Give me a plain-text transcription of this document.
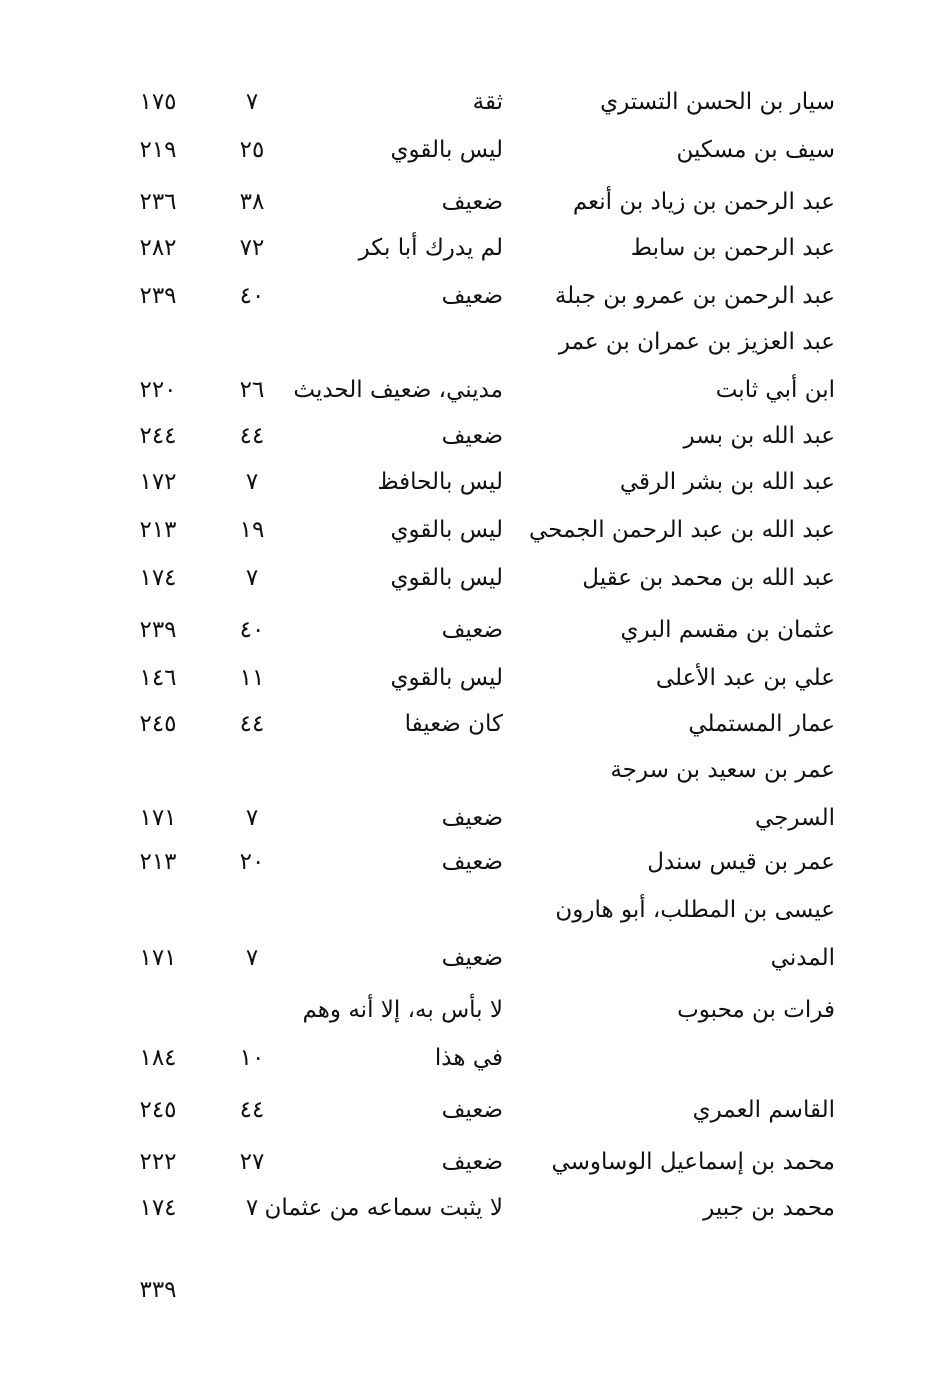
سيار بن الحسن التستري
ثقة
٧
١٧٥
سيف بن مسكين
ليس بالقوي
٢٥
٢١٩
عبد الرحمن بن زياد بن أنعم
ضعيف
٣٨
٢٣٦
عبد الرحمن بن سابط
لم يدرك أبا بكر
٧٢
٢٨٢
عبد الرحمن بن عمرو بن جبلة
ضعيف
٤٠
٢٣٩
عبد العزيز بن عمران بن عمر
ابن أبي ثابت
مديني، ضعيف الحديث
٢٦
٢٢٠
عبد الله بن بسر
ضعيف
٤٤
٢٤٤
عبد الله بن بشر الرقي
ليس بالحافظ
٧
١٧٢
عبد الله بن عبد الرحمن الجمحي
ليس بالقوي
١٩
٢١٣
عبد الله بن محمد بن عقيل
ليس بالقوي
٧
١٧٤
عثمان بن مقسم البري
ضعيف
٤٠
٢٣٩
علي بن عبد الأعلى
ليس بالقوي
١١
١٤٦
عمار المستملي
كان ضعيفا
٤٤
٢٤٥
عمر بن سعيد بن سرجة
السرجي
ضعيف
٧
١٧١
عمر بن قيس سندل
ضعيف
٢٠
٢١٣
عيسى بن المطلب، أبو هارون
المدني
ضعيف
٧
١٧١
فرات بن محبوب
لا بأس به، إلا أنه وهم
في هذا
١٠
١٨٤
القاسم العمري
ضعيف
٤٤
٢٤٥
محمد بن إسماعيل الوساوسي
ضعيف
٢٧
٢٢٢
محمد بن جبير
لا يثبت سماعه من عثمان
٧
١٧٤
٣٣٩
